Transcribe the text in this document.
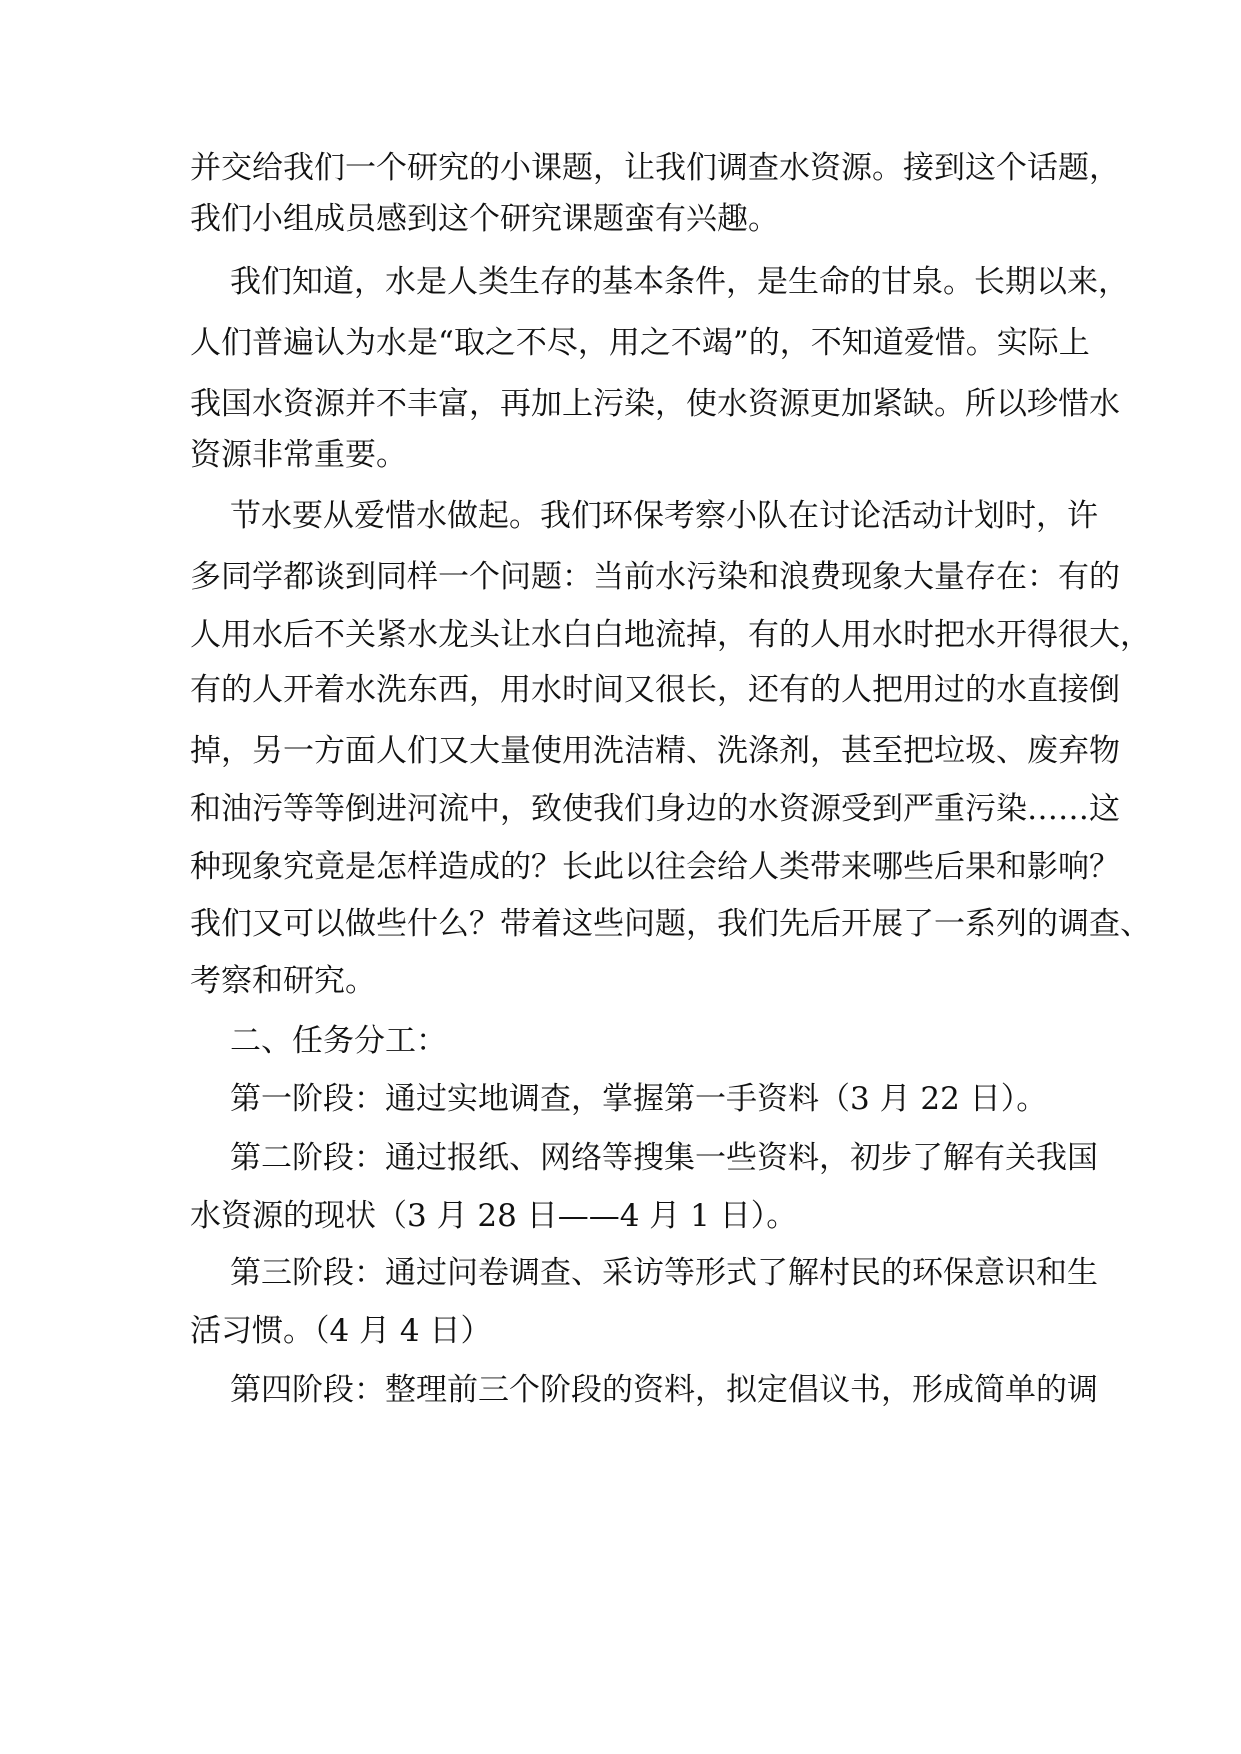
并交给我们一个研究的小课题，让我们调查水资源。接到这个话题，
我们小组成员感到这个研究课题蛮有兴趣。
我们知道，水是人类生存的基本条件，是生命的甘泉。长期以来，
人们普遍认为水是“取之不尽，用之不竭”的，不知道爱惜。实际上
我国水资源并不丰富，再加上污染，使水资源更加紧缺。所以珍惜水
资源非常重要。
节水要从爱惜水做起。我们环保考察小队在讨论活动计划时，许
多同学都谈到同样一个问题：当前水污染和浪费现象大量存在：有的
人用水后不关紧水龙头让水白白地流掉，有的人用水时把水开得很大，
有的人开着水洗东西，用水时间又很长，还有的人把用过的水直接倒
掉，另一方面人们又大量使用洗洁精、洗涤剂，甚至把垃圾、废弃物
和油污等等倒进河流中，致使我们身边的水资源受到严重污染……这
种现象究竟是怎样造成的？长此以往会给人类带来哪些后果和影响？
我们又可以做些什么？带着这些问题，我们先后开展了一系列的调查、
考察和研究。
二、任务分工：
第一阶段：通过实地调查，掌握第一手资料（3 月 22 日）。
第二阶段：通过报纸、网络等搜集一些资料，初步了解有关我国
水资源的现状（3 月 28 日——4 月 1 日）。
第三阶段：通过问卷调查、采访等形式了解村民的环保意识和生
活习惯。（4 月 4 日）
第四阶段：整理前三个阶段的资料，拟定倡议书，形成简单的调
